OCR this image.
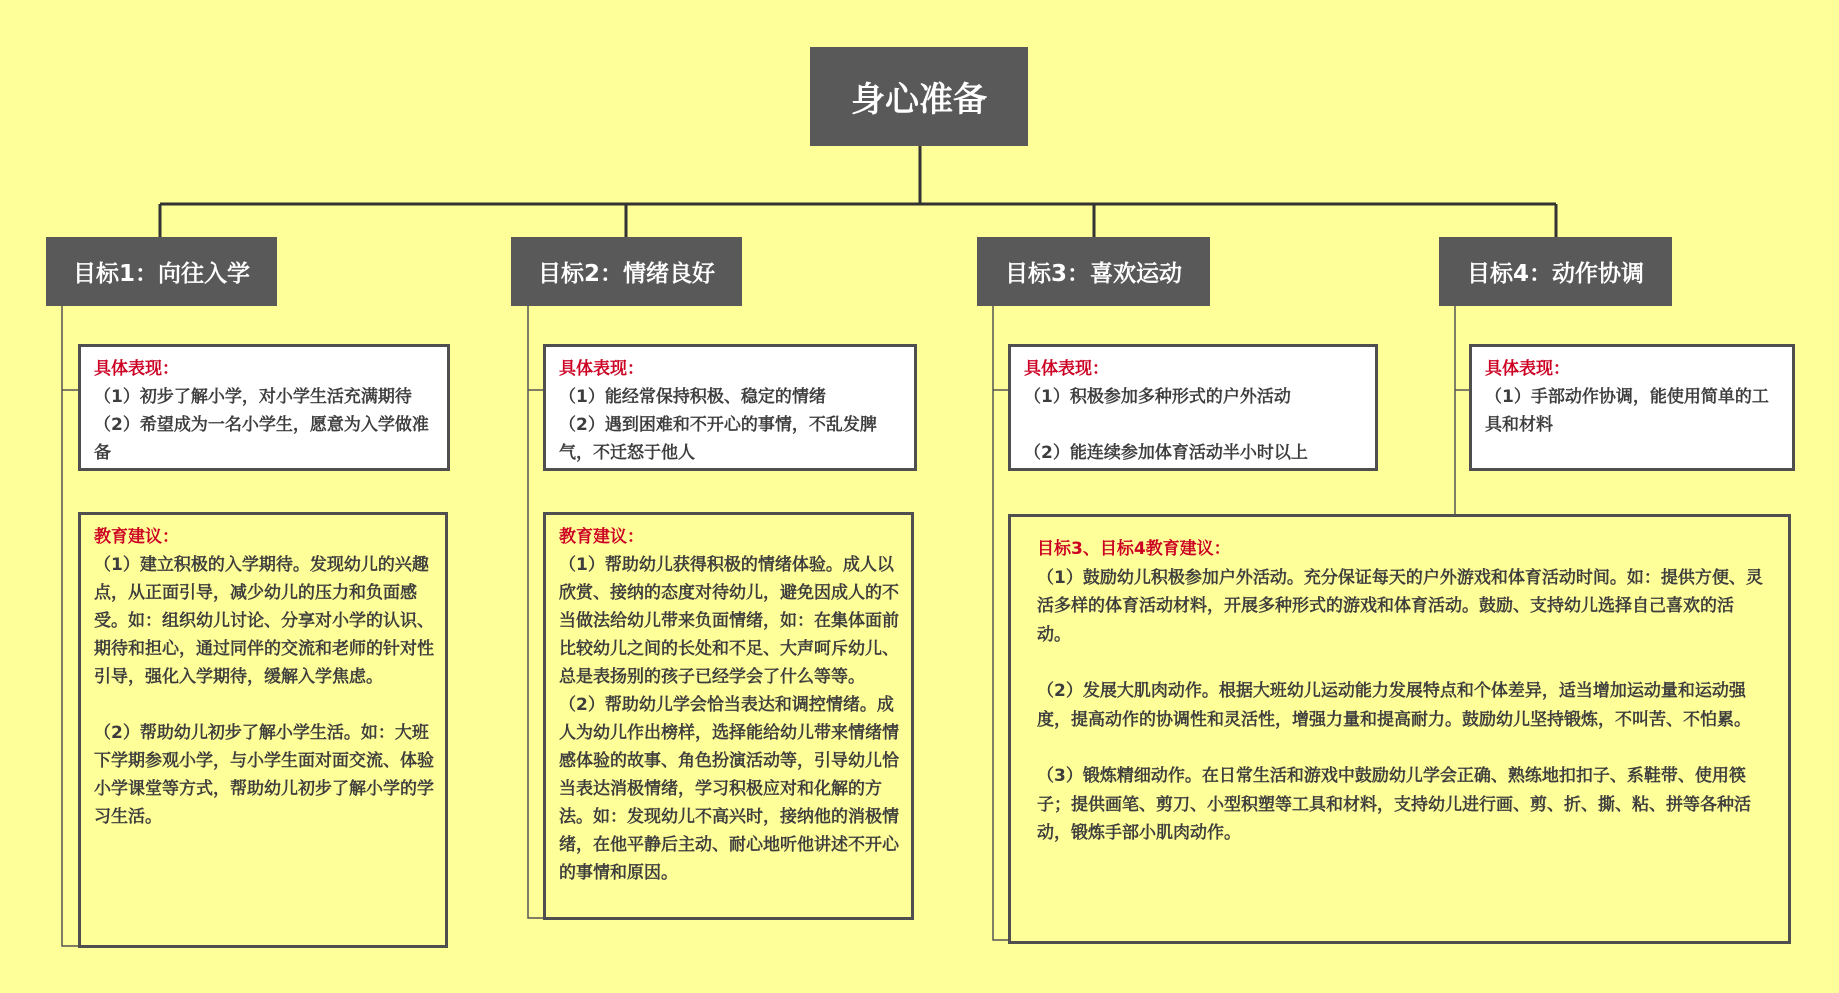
身心准备
目标1：向往入学	目标2：情绪良好	目标3：喜欢运动	目标4：动作协调

具体表现：

（1）初步了解小学，对小学生活充满期待

（2）希望成为一名小学生，愿意为入学做准备

教育建议：

（1）建立积极的入学期待。发现幼儿的兴趣点，从正面引导，减少幼儿的压力和负面感受。如：组织幼儿讨论、分享对小学的认识、期待和担心，通过同伴的交流和老师的针对性引导，强化入学期待，缓解入学焦虑。

（2）帮助幼儿初步了解小学生活。如：大班下学期参观小学，与小学生面对面交流、体验小学课堂等方式，帮助幼儿初步了解小学的学习生活。

具体表现：

（1）能经常保持积极、稳定的情绪

（2）遇到困难和不开心的事情，不乱发脾气，不迁怒于他人

教育建议：

（1）帮助幼儿获得积极的情绪体验。成人以欣赏、接纳的态度对待幼儿，避免因成人的不当做法给幼儿带来负面情绪，如：在集体面前比较幼儿之间的长处和不足、大声呵斥幼儿、总是表扬别的孩子已经学会了什么等等。

（2）帮助幼儿学会恰当表达和调控情绪。成人为幼儿作出榜样，选择能给幼儿带来情绪情感体验的故事、角色扮演活动等，引导幼儿恰当表达消极情绪，学习积极应对和化解的方法。如：发现幼儿不高兴时，接纳他的消极情绪，在他平静后主动、耐心地听他讲述不开心的事情和原因。

具体表现：

（1）积极参加多种形式的户外活动

（2）能连续参加体育活动半小时以上

具体表现：

（1）手部动作协调，能使用简单的工具和材料

目标3、目标4教育建议：

（1）鼓励幼儿积极参加户外活动。充分保证每天的户外游戏和体育活动时间。如：提供方便、灵活多样的体育活动材料，开展多种形式的游戏和体育活动。鼓励、支持幼儿选择自己喜欢的活动。

（2）发展大肌肉动作。根据大班幼儿运动能力发展特点和个体差异，适当增加运动量和运动强度，提高动作的协调性和灵活性，增强力量和提高耐力。鼓励幼儿坚持锻炼，不叫苦、不怕累。

（3）锻炼精细动作。在日常生活和游戏中鼓励幼儿学会正确、熟练地扣扣子、系鞋带、使用筷子；提供画笔、剪刀、小型积塑等工具和材料，支持幼儿进行画、剪、折、撕、粘、拼等各种活动，锻炼手部小肌肉动作。
